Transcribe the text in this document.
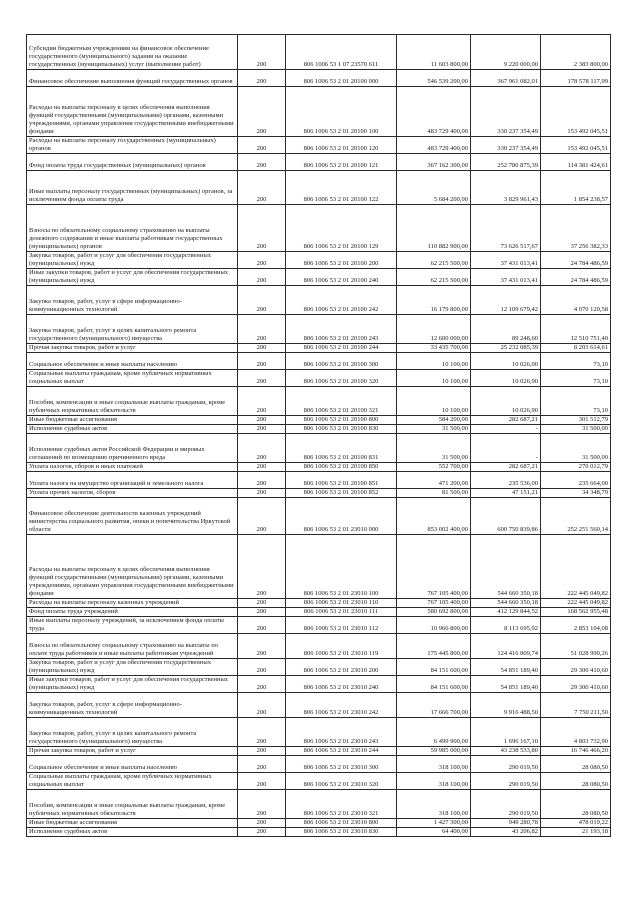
Субсидии бюджетным учреждениям на финансовое обеспечение государственного (муниципального) задания на оказание государственных (муниципальных) услуг (выполнение работ)	200	806 1006 53 1 07 23570 611	11 603 800,00	9 220 000,00	2 383 800,00
Финансовое обеспечение выполнения функций государственных органов	200	806 1006 53 2 01 20100 000	546 539 200,00	367 961 082,01	178 578 117,99
Расходы на выплаты персоналу в целях обеспечения выполнения функций государственными (муниципальными) органами, казенными учреждениями, органами управления государственными внебюджетными фондами	200	806 1006 53 2 01 20100 100	483 729 400,00	330 237 354,49	153 492 045,51
Расходы на выплаты персоналу государственных (муниципальных) органов	200	806 1006 53 2 01 20100 120	483 729 400,00	330 237 354,49	153 492 045,51
Фонд оплаты труда государственных (муниципальных) органов	200	806 1006 53 2 01 20100 121	367 162 300,00	252 780 875,39	114 381 424,61
Иные выплаты персоналу государственных (муниципальных) органов, за исключением фонда оплаты труда	200	806 1006 53 2 01 20100 122	5 684 200,00	3 829 961,43	1 854 238,57
Взносы по обязательному социальному страхованию на выплаты денежного содержания и иные выплаты работникам государственных (муниципальных) органов	200	806 1006 53 2 01 20100 129	110 882 900,00	73 626 517,67	37 256 382,33
Закупка товаров, работ и услуг для обеспечения государственных (муниципальных) нужд	200	806 1006 53 2 01 20100 200	62 215 500,00	37 431 013,41	24 784 486,59
Иные закупки товаров, работ и услуг для обеспечения государственных (муниципальных) нужд	200	806 1006 53 2 01 20100 240	62 215 500,00	37 431 013,41	24 784 486,59
Закупка товаров, работ, услуг в сфере информационно-коммуникационных технологий	200	806 1006 53 2 01 20100 242	16 179 800,00	12 109 679,42	4 070 120,58
Закупка товаров, работ, услуг в целях капитального ремонта государственного (муниципального) имущества	200	806 1006 53 2 01 20100 243	12 600 000,00	89 248,60	12 510 751,40
Прочая закупка товаров, работ и услуг	200	806 1006 53 2 01 20100 244	33 435 700,00	25 232 085,39	8 203 614,61
Социальное обеспечение и иные выплаты населению	200	806 1006 53 2 01 20100 300	10 100,00	10 026,90	73,10
Социальные выплаты гражданам, кроме публичных нормативных социальных выплат	200	806 1006 53 2 01 20100 320	10 100,00	10 026,90	73,10
Пособия, компенсации и иные социальные выплаты гражданам, кроме публичных нормативных обязательств	200	806 1006 53 2 01 20100 321	10 100,00	10 026,90	73,10
Иные бюджетные ассигнования	200	806 1006 53 2 01 20100 800	584 200,00	282 687,21	301 512,79
Исполнение судебных актов	200	806 1006 53 2 01 20100 830	31 500,00	-	31 500,00
Исполнение судебных актов Российской Федерации и мировых соглашений по возмещению причиненного вреда	200	806 1006 53 2 01 20100 831	31 500,00	-	31 500,00
Уплата налогов, сборов и иных платежей	200	806 1006 53 2 01 20100 850	552 700,00	282 687,21	270 012,79
Уплата налога на имущество организаций и земельного налога	200	806 1006 53 2 01 20100 851	471 200,00	235 536,00	235 664,00
Уплата прочих налогов, сборов	200	806 1006 53 2 01 20100 852	81 500,00	47 151,21	34 348,79
Финансовое обеспечение деятельности казенных учреждений министерства социального развития, опеки и попечительства Иркутской области	200	806 1006 53 2 01 23010 000	853 002 400,00	600 750 839,86	252 251 560,14
Расходы на выплаты персоналу в целях обеспечения выполнения функций государственными (муниципальными) органами, казенными учреждениями, органами управления государственными внебюджетными фондами	200	806 1006 53 2 01 23010 100	767 105 400,00	544 660 350,18	222 445 049,82
Расходы на выплаты персоналу казенных учреждений	200	806 1006 53 2 01 23010 110	767 105 400,00	544 660 350,18	222 445 049,82
Фонд оплаты труда учреждений	200	806 1006 53 2 01 23010 111	580 692 800,00	412 129 844,52	168 562 955,48
Иные выплаты персоналу учреждений, за исключением фонда оплаты труда	200	806 1006 53 2 01 23010 112	10 966 800,00	8 113 695,92	2 853 104,08
Взносы по обязательному социальному страхованию на выплаты по оплате труда работников и иные выплаты работникам учреждений	200	806 1006 53 2 01 23010 119	175 445 800,00	124 416 809,74	51 028 990,26
Закупка товаров, работ и услуг для обеспечения государственных (муниципальных) нужд	200	806 1006 53 2 01 23010 200	84 151 600,00	54 851 189,40	29 300 410,60
Иные закупки товаров, работ и услуг для обеспечения государственных (муниципальных) нужд	200	806 1006 53 2 01 23010 240	84 151 600,00	54 851 189,40	29 300 410,60
Закупка товаров, работ, услуг в сфере информационно-коммуникационных технологий	200	806 1006 53 2 01 23010 242	17 666 700,00	9 916 488,50	7 750 211,50
Закупка товаров, работ, услуг в целях капитального ремонта государственного (муниципального) имущества	200	806 1006 53 2 01 23010 243	6 499 900,00	1 696 167,10	4 803 732,90
Прочая закупка товаров, работ и услуг	200	806 1006 53 2 01 23010 244	59 985 000,00	43 238 533,80	16 746 466,20
Социальное обеспечение и иные выплаты населению	200	806 1006 53 2 01 23010 300	318 100,00	290 019,50	28 080,50
Социальные выплаты гражданам, кроме публичных нормативных социальных выплат	200	806 1006 53 2 01 23010 320	318 100,00	290 019,50	28 080,50
Пособия, компенсации и иные социальные выплаты гражданам, кроме публичных нормативных обязательств	200	806 1006 53 2 01 23010 321	318 100,00	290 019,50	28 080,50
Иные бюджетные ассигнования	200	806 1006 53 2 01 23010 800	1 427 300,00	949 280,78	478 019,22
Исполнение судебных актов	200	806 1006 53 2 01 23010 830	64 400,00	43 206,82	21 193,18
